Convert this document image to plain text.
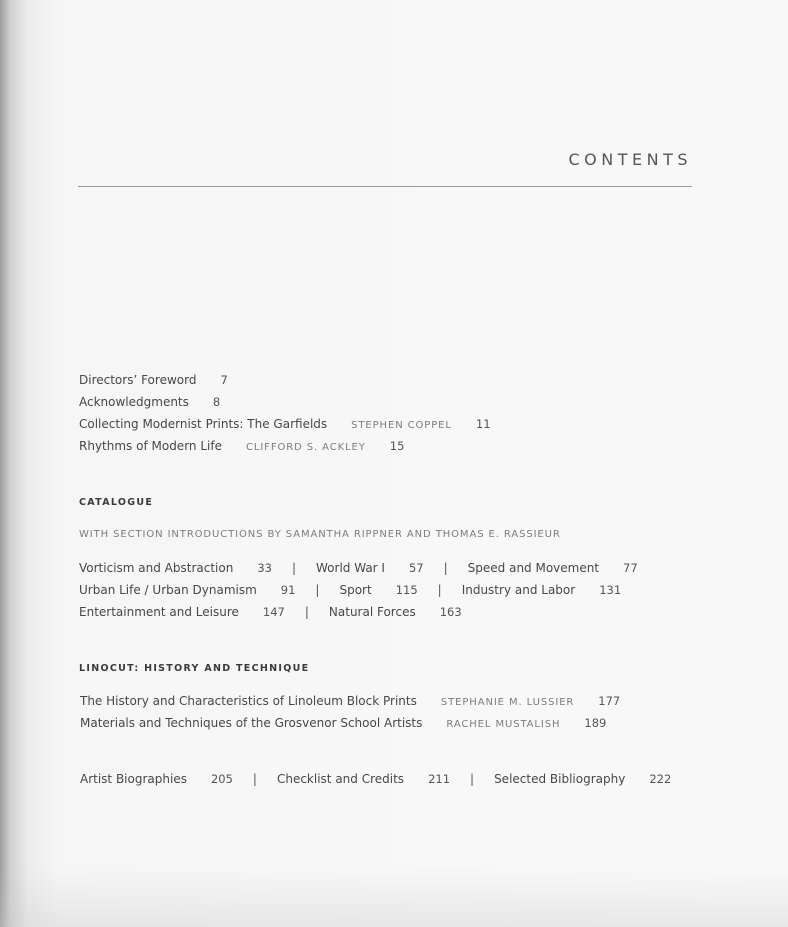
CONTENTS
Directors’ Foreword 7
Acknowledgments 8
Collecting Modernist Prints: The Garfields STEPHEN COPPEL 11
Rhythms of Modern Life CLIFFORD S. ACKLEY 15
CATALOGUE
WITH SECTION INTRODUCTIONS BY SAMANTHA RIPPNER AND THOMAS E. RASSIEUR
Vorticism and Abstraction 33 | World War I 57 | Speed and Movement 77
Urban Life / Urban Dynamism 91 | Sport 115 | Industry and Labor 131
Entertainment and Leisure 147 | Natural Forces 163
LINOCUT: HISTORY AND TECHNIQUE
The History and Characteristics of Linoleum Block Prints STEPHANIE M. LUSSIER 177
Materials and Techniques of the Grosvenor School Artists RACHEL MUSTALISH 189
Artist Biographies 205 | Checklist and Credits 211 | Selected Bibliography 222
